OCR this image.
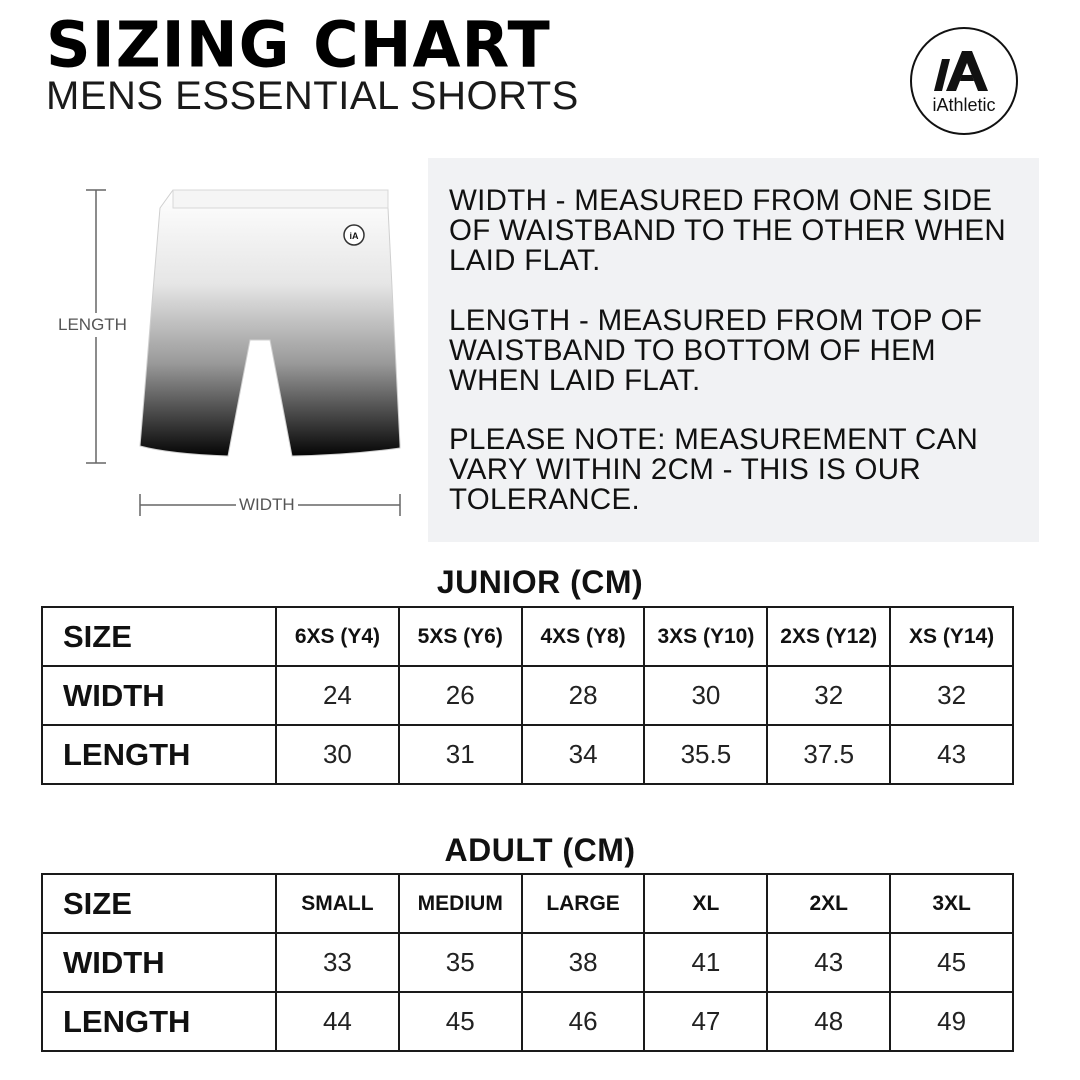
SIZING CHART
MENS ESSENTIAL SHORTS	iAthletic
iA
LENGTH
WIDTH
WIDTH - MEASURED FROM ONE SIDE OF WAISTBAND TO THE OTHER WHEN LAID FLAT.
LENGTH - MEASURED FROM TOP OF WAISTBAND TO BOTTOM OF HEM WHEN LAID FLAT.
PLEASE NOTE: MEASUREMENT CAN VARY WITHIN 2CM - THIS IS OUR TOLERANCE.
JUNIOR (CM)
SIZE	6XS (Y4)	5XS (Y6)	4XS (Y8)	3XS (Y10)	2XS (Y12)	XS (Y14)
WIDTH	24	26	28	30	32	32
LENGTH	30	31	34	35.5	37.5	43
ADULT (CM)
SIZE	SMALL	MEDIUM	LARGE	XL	2XL	3XL
WIDTH	33	35	38	41	43	45
LENGTH	44	45	46	47	48	49
